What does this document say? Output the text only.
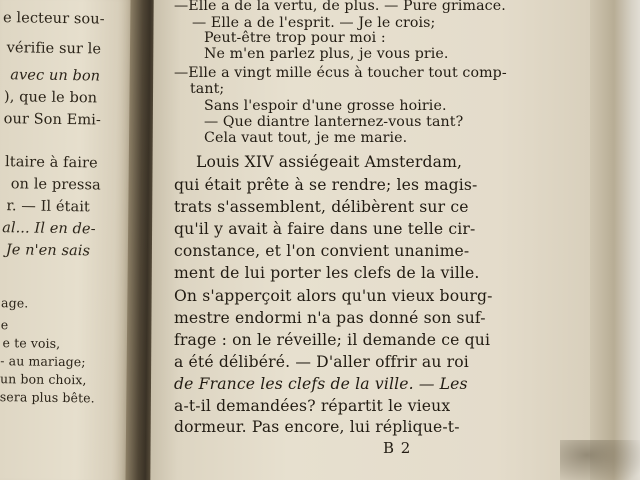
e lecteur sou-
vérifie sur le
avec un bon
), que le bon
our Son Emi-
ltaire à faire
on le pressa
r. — Il était
al... Il en de-
Je n'en sais
age.
e
e te vois,
- au mariage;
un bon choix,
sera plus bête.
—Elle a de la vertu, de plus. — Pure grimace.
— Elle a de l'esprit. — Je le crois;
Peut-être trop pour moi :
Ne m'en parlez plus, je vous prie.
—Elle a vingt mille écus à toucher tout comp-
tant;
Sans l'espoir d'une grosse hoirie.
— Que diantre lanternez-vous tant?
Cela vaut tout, je me marie.
Louis XIV assiégeait Amsterdam,
qui était prête à se rendre; les magis-
trats s'assemblent, délibèrent sur ce
qu'il y avait à faire dans une telle cir-
constance, et l'on convient unanime-
ment de lui porter les clefs de la ville.
On s'apperçoit alors qu'un vieux bourg-
mestre endormi n'a pas donné son suf-
frage : on le réveille; il demande ce qui
a été délibéré. — D'aller offrir au roi
de France les clefs de la ville. — Les
a-t-il demandées? répartit le vieux
dormeur. Pas encore, lui réplique-t-
B 2
